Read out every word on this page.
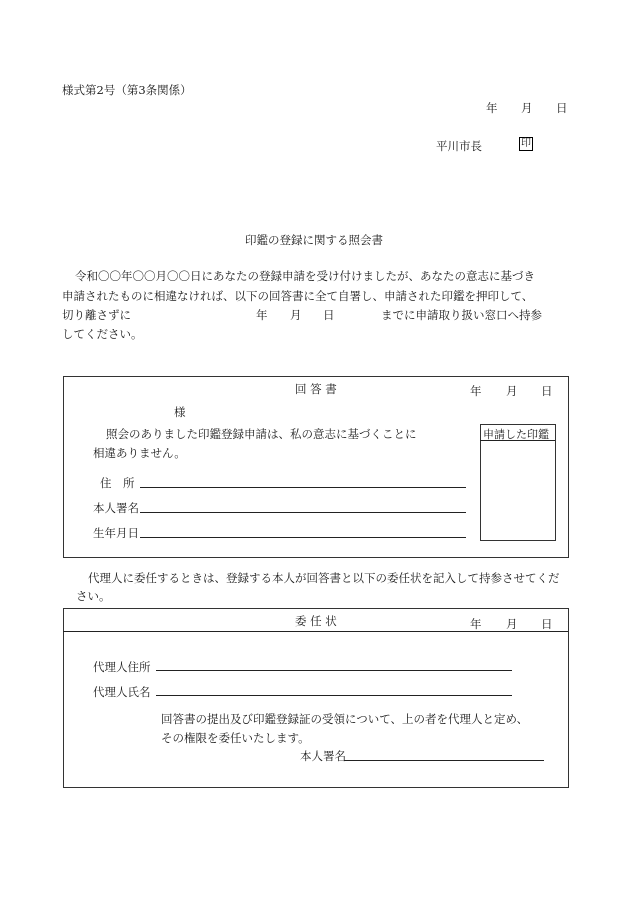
様式第2号（第3条関係）
年 月 日
平川市長	印
印鑑の登録に関する照会書
令和〇〇年〇〇月〇〇日にあなたの登録申請を受け付けましたが、あなたの意志に基づき
申請されたものに相違なければ、以下の回答書に全て自署し、申請された印鑑を押印して、
切り離さずに	年 月 日	までに申請取り扱い窓口へ持参
してください。
回 答 書	年 月 日
様
照会のありました印鑑登録申請は、私の意志に基づくことに
相違ありません。
住　所
本人署名
生年月日
申請した印鑑
代理人に委任するときは、登録する本人が回答書と以下の委任状を記入して持参させてくだ
さい。
委 任 状	年 月 日
代理人住所
代理人氏名
回答書の提出及び印鑑登録証の受領について、上の者を代理人と定め、
その権限を委任いたします。
本人署名
